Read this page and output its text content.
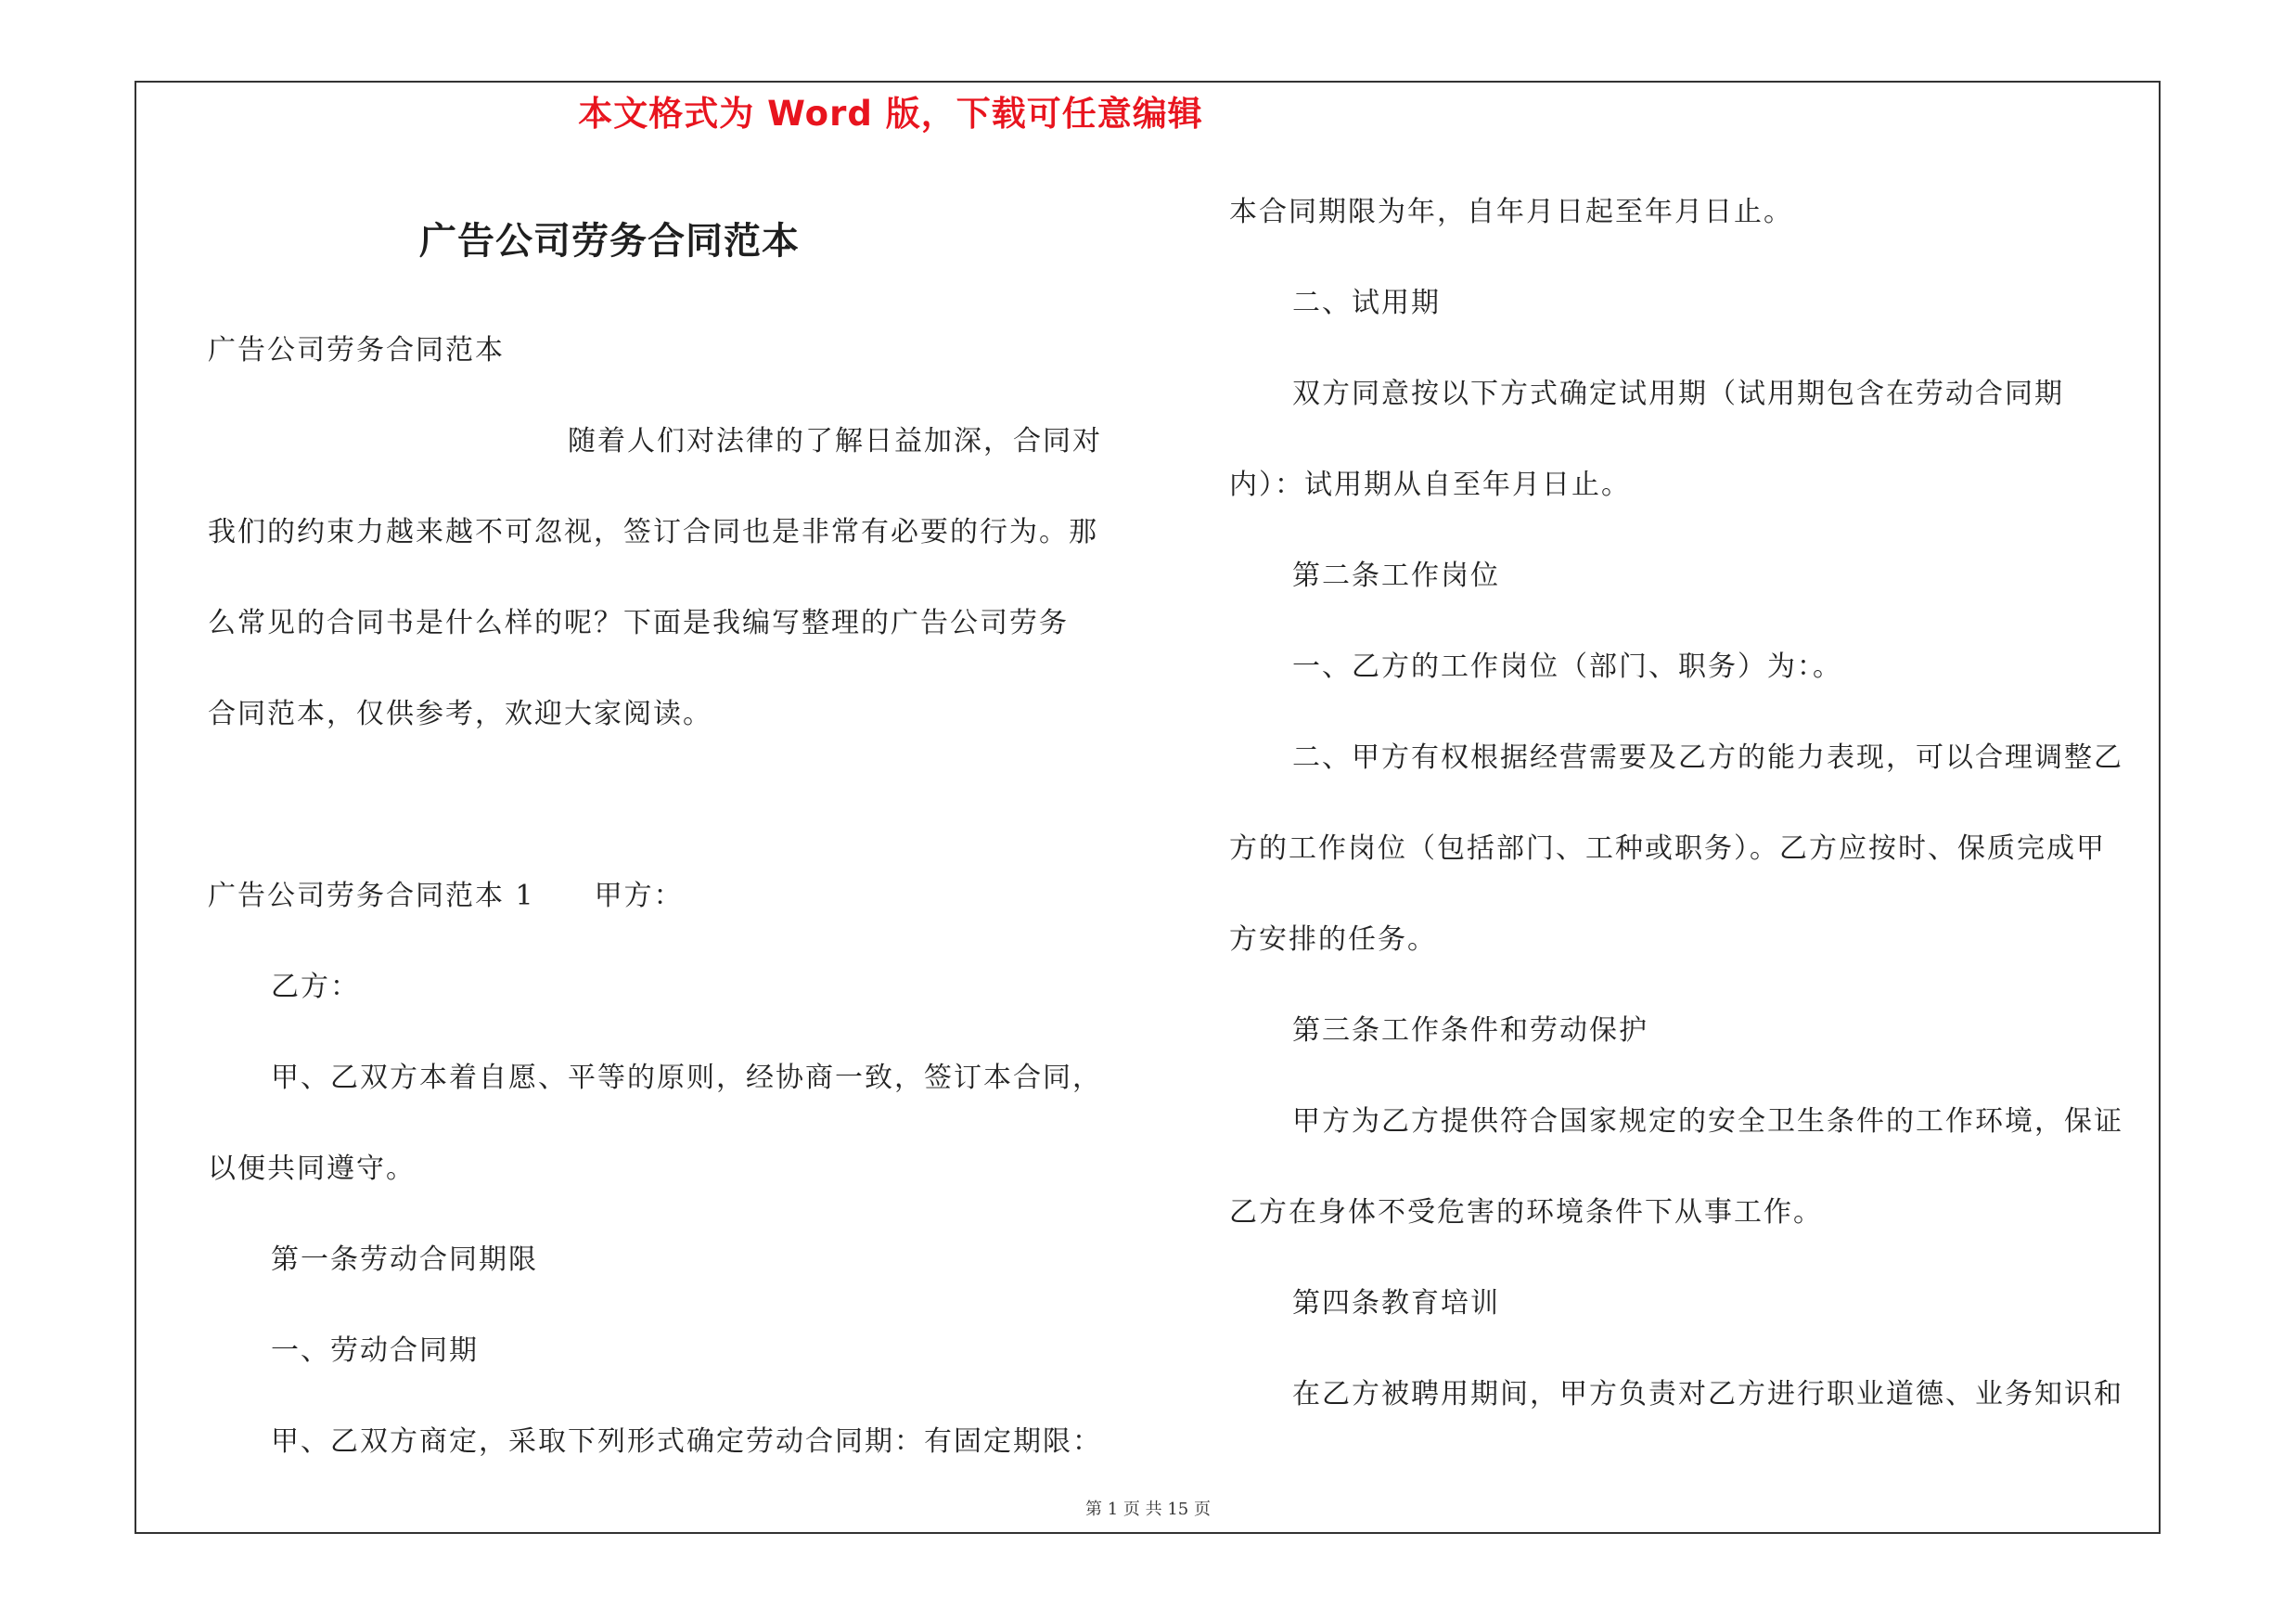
本文格式为 Word 版，下载可任意编辑
广告公司劳务合同范本
广告公司劳务合同范本
随着人们对法律的了解日益加深，合同对
我们的约束力越来越不可忽视，签订合同也是非常有必要的行为。那
么常见的合同书是什么样的呢？下面是我编写整理的广告公司劳务
合同范本，仅供参考，欢迎大家阅读。
广告公司劳务合同范本 1　　甲方：
乙方：
甲、乙双方本着自愿、平等的原则，经协商一致，签订本合同，
以便共同遵守。
第一条劳动合同期限
一、劳动合同期
甲、乙双方商定，采取下列形式确定劳动合同期：有固定期限：
本合同期限为年，自年月日起至年月日止。
二、试用期
双方同意按以下方式确定试用期（试用期包含在劳动合同期
内）：试用期从自至年月日止。
第二条工作岗位
一、乙方的工作岗位（部门、职务）为：。
二、甲方有权根据经营需要及乙方的能力表现，可以合理调整乙
方的工作岗位（包括部门、工种或职务）。乙方应按时、保质完成甲
方安排的任务。
第三条工作条件和劳动保护
甲方为乙方提供符合国家规定的安全卫生条件的工作环境，保证
乙方在身体不受危害的环境条件下从事工作。
第四条教育培训
在乙方被聘用期间，甲方负责对乙方进行职业道德、业务知识和
第 1 页 共 15 页
